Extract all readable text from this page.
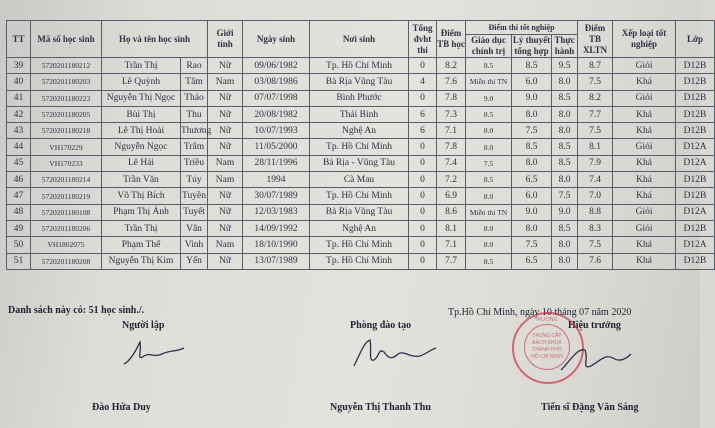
TT	Mã số học sinh	Họ và tên học sinh		Giới tính	Ngày sinh	Nơi sinh	Tổng đvht thi	Điểm TB học	Điểm thi tốt nghiệp			Điểm TB XLTN	Xếp loại tốt nghiệp	Lớp
									Giáo dục chính trị	Lý thuyết tổng hợp	Thực hành			
39	5720201180212	Trần Thị	Rao	Nữ	09/06/1982	Tp. Hồ Chí Minh	0	8.2	8.5	8.5	9.5	8.7	Giỏi	D12B
40	5720201180203	Lê Quỳnh	Tâm	Nam	03/08/1986	Bà Rịa Vũng Tàu	4	7.6	Miễn thi TN	6.0	8.0	7.5	Khá	D12B
41	5720201180223	Nguyễn Thị Ngọc	Thảo	Nữ	07/07/1998	Bình Phước	0	7.8	9.0	9.0	8.5	8.2	Giỏi	D12B
42	5720201180205	Bùi Thị	Thu	Nữ	20/08/1982	Thái Bình	6	7.3	8.5	8.0	8.0	7.7	Khá	D12B
43	5720201180218	Lê Thị Hoài	Thương	Nữ	10/07/1993	Nghệ An	6	7.1	8.0	7.5	8.0	7.5	Khá	D12B
44	VH170229	Nguyễn Ngọc	Trâm	Nữ	11/05/2000	Tp. Hồ Chí Minh	0	7.8	8.0	8.5	8.5	8.1	Giỏi	D12A
45	VH170233	Lê Hải	Triều	Nam	28/11/1996	Bà Rịa - Vũng Tàu	0	7.4	7.5	8.0	8.5	7.9	Khá	D12A
46	5720201180214	Trần Văn	Túy	Nam	1994	Cà Mau	0	7.2	8.5	6.5	8.0	7.4	Khá	D12B
47	5720201180219	Võ Thị Bích	Tuyền	Nữ	30/07/1989	Tp. Hồ Chí Minh	0	6.9	8.0	6.0	7.5	7.0	Khá	D12B
48	5720201180108	Phạm Thị Ánh	Tuyết	Nữ	12/03/1983	Bà Rịa Vũng Tàu	0	8.6	Miễn thi TN	9.0	9.0	8.8	Giỏi	D12A
49	5720201180206	Trần Thị	Vân	Nữ	14/09/1992	Nghệ An	0	8.1	8.0	8.0	8.5	8.3	Giỏi	D12B
50	VH1802075	Phạm Thế	Vinh	Nam	18/10/1990	Tp. Hồ Chí Minh	0	7.1	8.0	7.5	8.0	7.5	Khá	D12A
51	5720201180208	Nguyễn Thị Kim	Yến	Nữ	13/07/1989	Tp. Hồ Chí Minh	0	7.7	8.5	6.5	8.0	7.6	Khá	D12B
Danh sách này có: 51 học sinh./.	Tp.Hồ Chí Minh, ngày 10 tháng 07 năm 2020
Người lập	Phòng đào tạo	Hiệu trưởng
TRƯỜNG
TRUNG CẤP BÁCH KHOA
THÀNH PHỐ
HỒ CHÍ MINH
Đào Hứa Duy	Nguyễn Thị Thanh Thu	Tiến sĩ Đặng Văn Sáng
